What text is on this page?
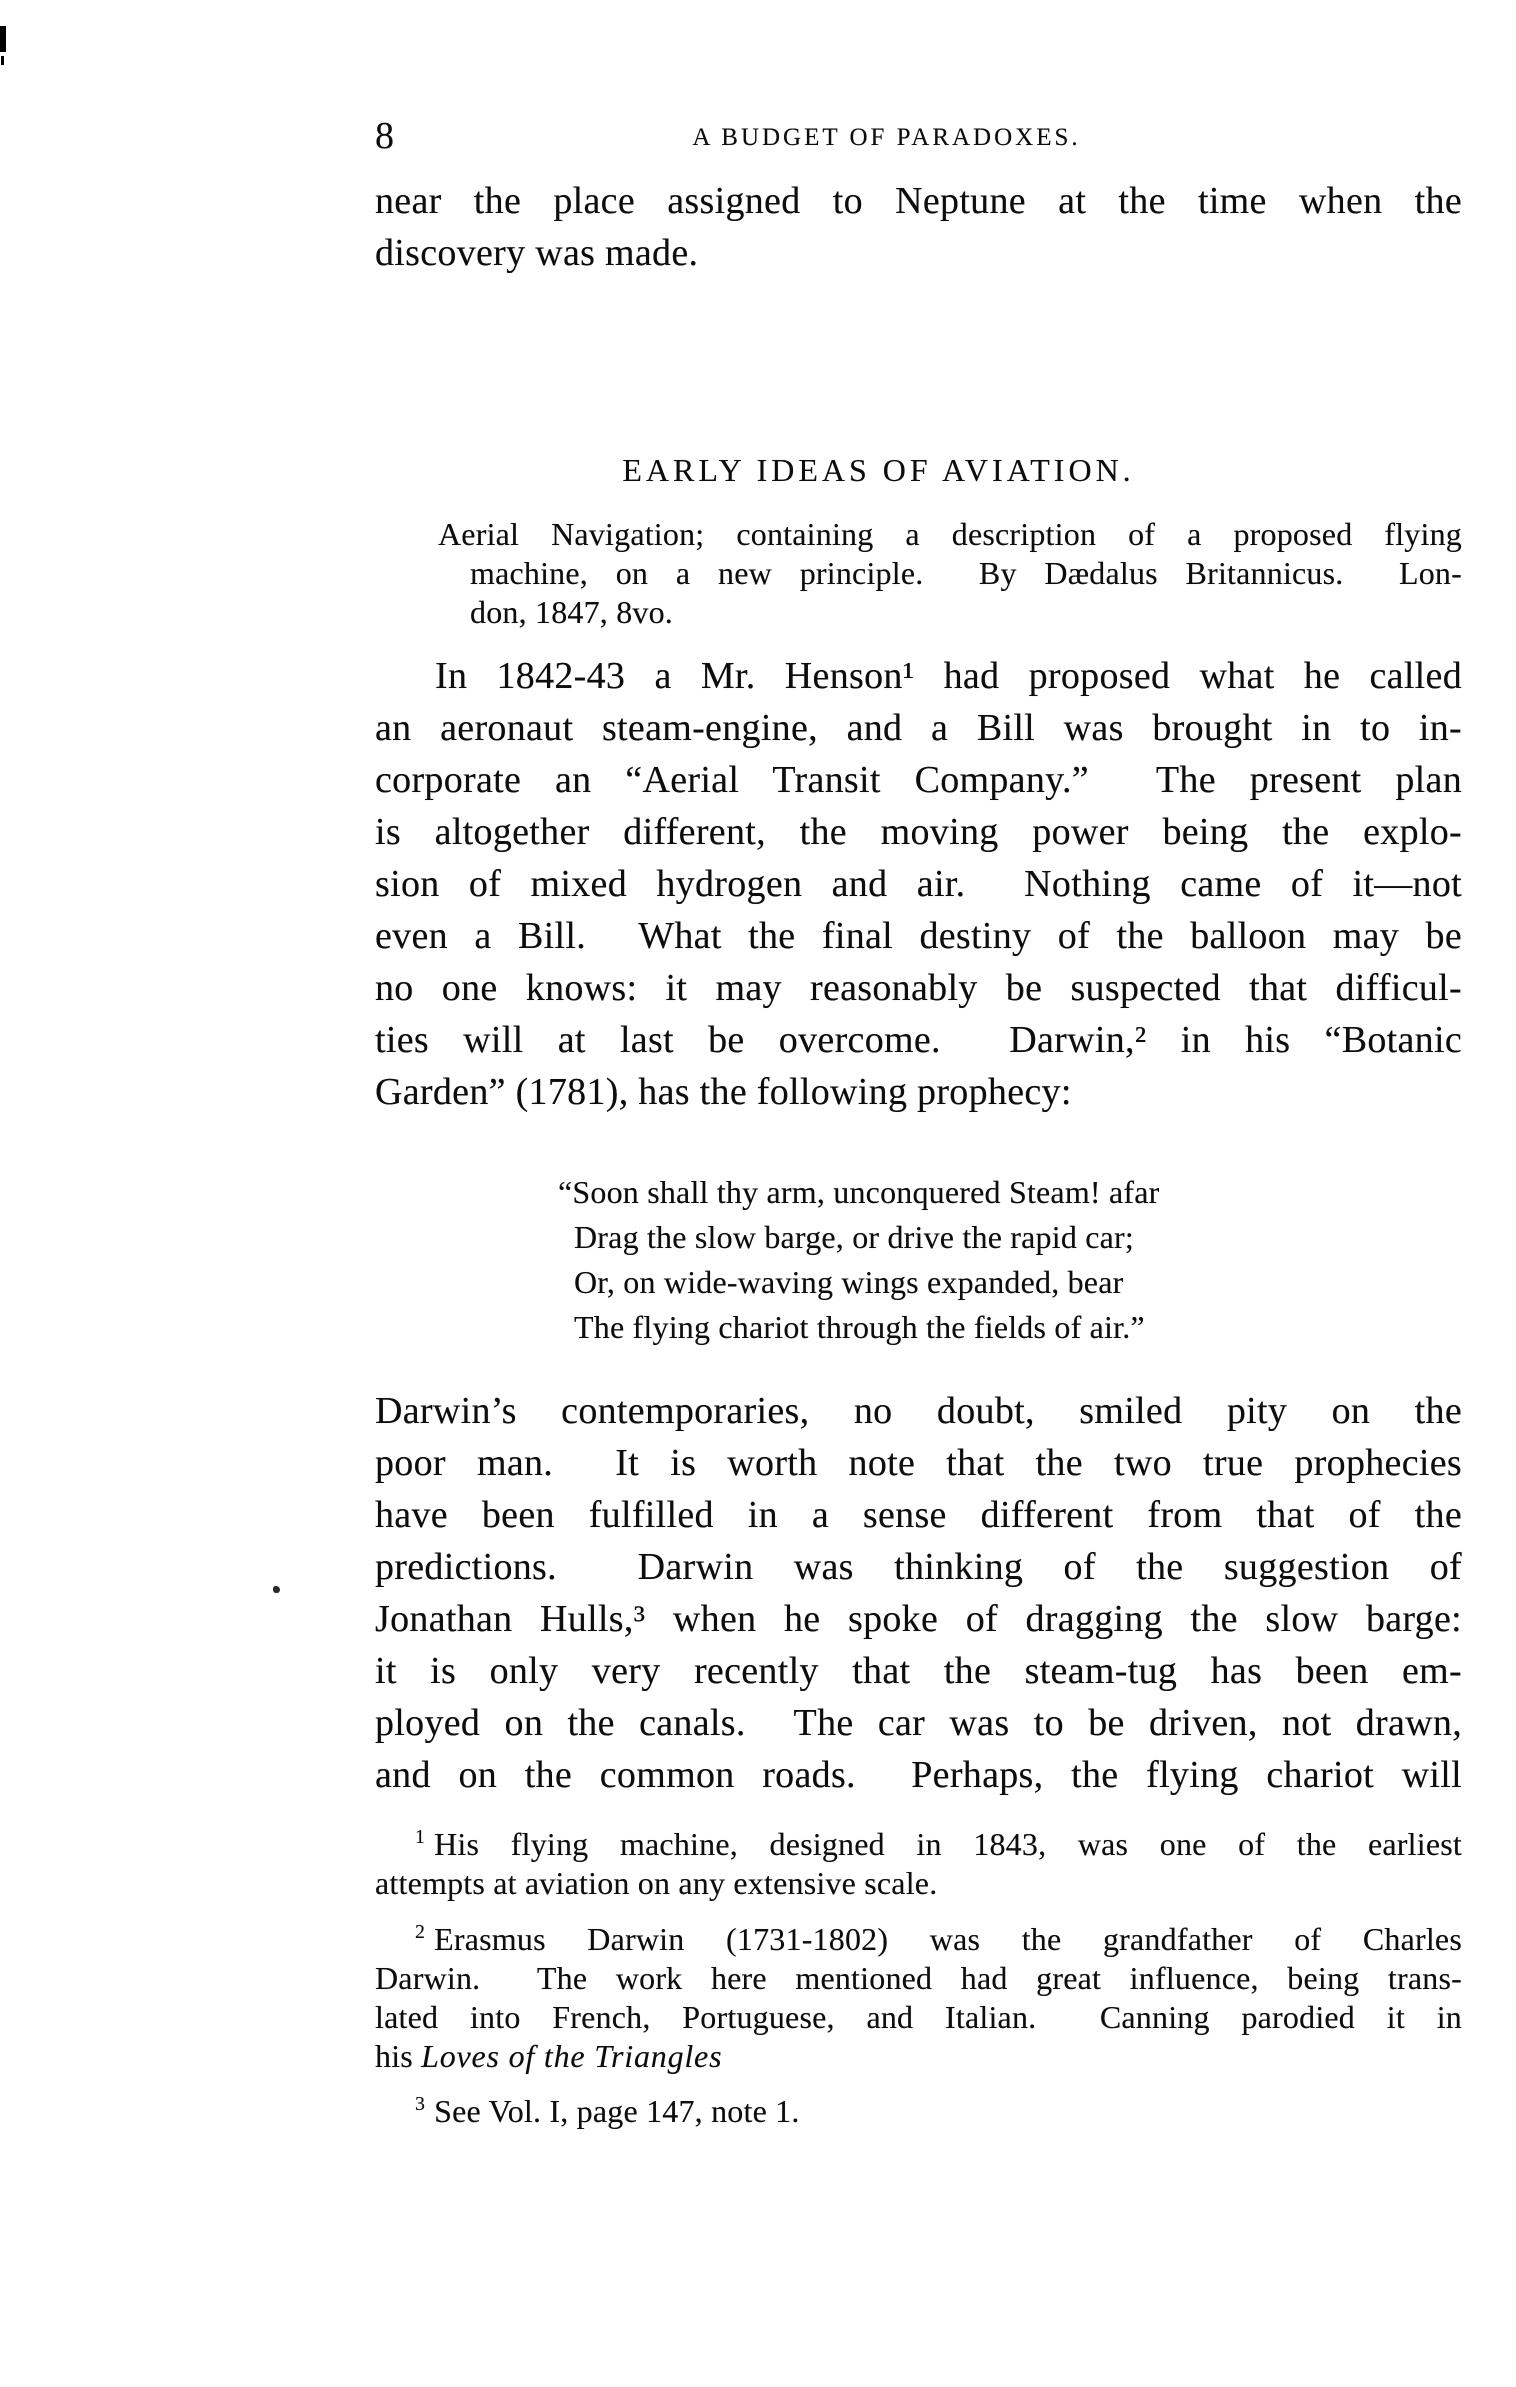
8	A BUDGET OF PARADOXES.
near the place assigned to Neptune at the time when the
discovery was made.
EARLY IDEAS OF AVIATION.
Aerial Navigation; containing a description of a proposed flying
machine, on a new principle.  By Dædalus Britannicus.  Lon-
don, 1847, 8vo.
In 1842-43 a Mr. Henson¹ had proposed what he called
an aeronaut steam-engine, and a Bill was brought in to in-
corporate an “Aerial Transit Company.”  The present plan
is altogether different, the moving power being the explo-
sion of mixed hydrogen and air.  Nothing came of it—not
even a Bill.  What the final destiny of the balloon may be
no one knows: it may reasonably be suspected that difficul-
ties will at last be overcome.  Darwin,² in his “Botanic
Garden” (1781), has the following prophecy:
“Soon shall thy arm, unconquered Steam! afar
Drag the slow barge, or drive the rapid car;
Or, on wide-waving wings expanded, bear
The flying chariot through the fields of air.”
Darwin’s contemporaries, no doubt, smiled pity on the
poor man.  It is worth note that the two true prophecies
have been fulfilled in a sense different from that of the
predictions.  Darwin was thinking of the suggestion of
Jonathan Hulls,³ when he spoke of dragging the slow barge:
it is only very recently that the steam-tug has been em-
ployed on the canals.  The car was to be driven, not drawn,
and on the common roads.  Perhaps, the flying chariot will
$^1$ His flying machine, designed in 1843, was one of the earliest
attempts at aviation on any extensive scale.
$^2$ Erasmus Darwin (1731-1802) was the grandfather of Charles
Darwin.  The work here mentioned had great influence, being trans-
lated into French, Portuguese, and Italian.  Canning parodied it in
his Loves of the Triangles
$^3$ See Vol. I, page 147, note 1.
